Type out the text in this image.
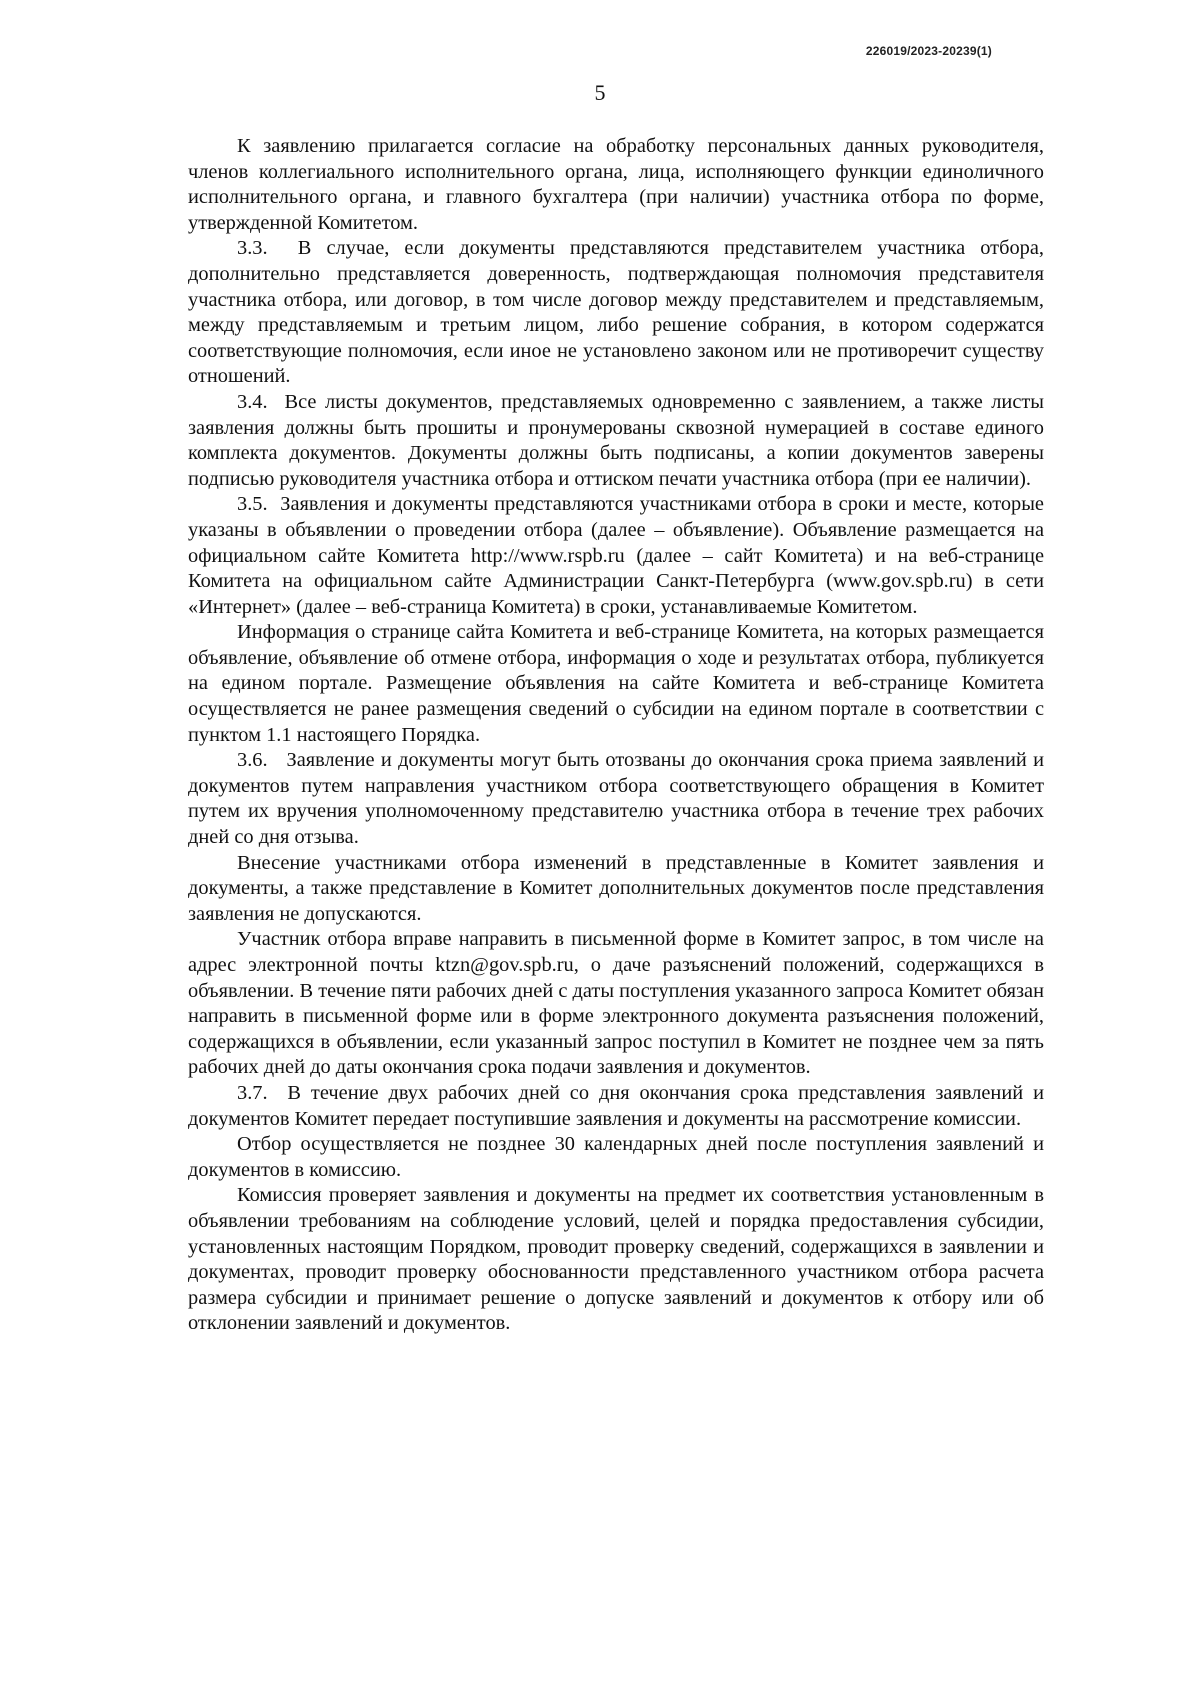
226019/2023-20239(1)
5

К заявлению прилагается согласие на обработку персональных данных руководителя, членов коллегиального исполнительного органа, лица, исполняющего функции единоличного исполнительного органа, и главного бухгалтера (при наличии) участника отбора по форме, утвержденной Комитетом.

3.3. В случае, если документы представляются представителем участника отбора, дополнительно представляется доверенность, подтверждающая полномочия представителя участника отбора, или договор, в том числе договор между представителем и представляемым, между представляемым и третьим лицом, либо решение собрания, в котором содержатся соответствующие полномочия, если иное не установлено законом или не противоречит существу отношений.

3.4. Все листы документов, представляемых одновременно с заявлением, а также листы заявления должны быть прошиты и пронумерованы сквозной нумерацией в составе единого комплекта документов. Документы должны быть подписаны, а копии документов заверены подписью руководителя участника отбора и оттиском печати участника отбора (при ее наличии).

3.5. Заявления и документы представляются участниками отбора в сроки и месте, которые указаны в объявлении о проведении отбора (далее – объявление). Объявление размещается на официальном сайте Комитета http://www.rspb.ru (далее – сайт Комитета) и на веб-странице Комитета на официальном сайте Администрации Санкт-Петербурга (www.gov.spb.ru) в сети «Интернет» (далее – веб-страница Комитета) в сроки, устанавливаемые Комитетом.

Информация о странице сайта Комитета и веб-странице Комитета, на которых размещается объявление, объявление об отмене отбора, информация о ходе и результатах отбора, публикуется на едином портале. Размещение объявления на сайте Комитета и веб-странице Комитета осуществляется не ранее размещения сведений о субсидии на едином портале в соответствии с пунктом 1.1 настоящего Порядка.

3.6. Заявление и документы могут быть отозваны до окончания срока приема заявлений и документов путем направления участником отбора соответствующего обращения в Комитет путем их вручения уполномоченному представителю участника отбора в течение трех рабочих дней со дня отзыва.

Внесение участниками отбора изменений в представленные в Комитет заявления и документы, а также представление в Комитет дополнительных документов после представления заявления не допускаются.

Участник отбора вправе направить в письменной форме в Комитет запрос, в том числе на адрес электронной почты ktzn@gov.spb.ru, о даче разъяснений положений, содержащихся в объявлении. В течение пяти рабочих дней с даты поступления указанного запроса Комитет обязан направить в письменной форме или в форме электронного документа разъяснения положений, содержащихся в объявлении, если указанный запрос поступил в Комитет не позднее чем за пять рабочих дней до даты окончания срока подачи заявления и документов.

3.7. В течение двух рабочих дней со дня окончания срока представления заявлений и документов Комитет передает поступившие заявления и документы на рассмотрение комиссии.

Отбор осуществляется не позднее 30 календарных дней после поступления заявлений и документов в комиссию.

Комиссия проверяет заявления и документы на предмет их соответствия установленным в объявлении требованиям на соблюдение условий, целей и порядка предоставления субсидии, установленных настоящим Порядком, проводит проверку сведений, содержащихся в заявлении и документах, проводит проверку обоснованности представленного участником отбора расчета размера субсидии и принимает решение о допуске заявлений и документов к отбору или об отклонении заявлений и документов.
